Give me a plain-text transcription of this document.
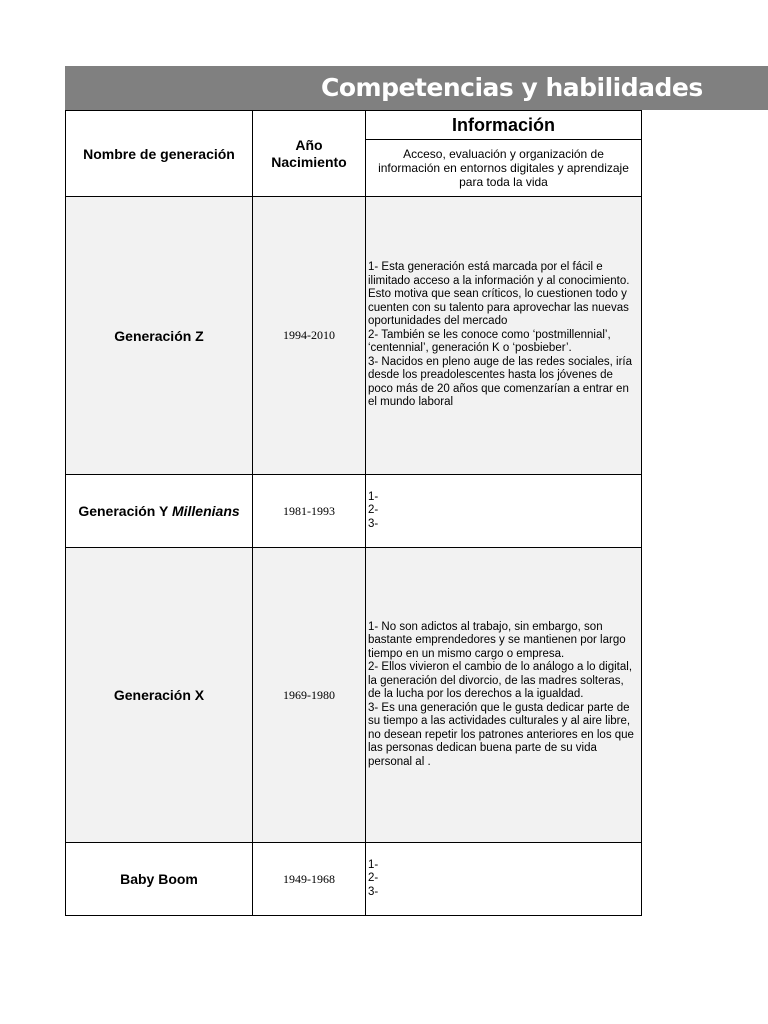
Competencias y habilidades
Nombre de generación
Año Nacimiento
Información
Acceso, evaluación y organización de información en entornos digitales y aprendizaje para toda la vida
Generación Z	1994-2010
1- Esta generación está marcada por el fácil e ilimitado acceso a la información y al conocimiento. Esto motiva que sean críticos, lo cuestionen todo y cuenten con su talento para aprovechar las nuevas oportunidades del mercado
2- También se les conoce como ‘postmillennial’, ‘centennial’, generación K o ‘posbieber’.
3- Nacidos en pleno auge de las redes sociales, iría desde los preadolescentes hasta los jóvenes de poco más de 20 años que comenzarían a entrar en el mundo laboral
Generación Y Millenians	1981-1993
1-
2-
3-
Generación X	1969-1980
1- No son adictos al trabajo, sin embargo, son bastante emprendedores y se mantienen por largo tiempo en un mismo cargo o empresa.
2- Ellos vivieron el cambio de lo análogo a lo digital, la generación del divorcio, de las madres solteras, de la lucha por los derechos a la igualdad.
3- Es una generación que le gusta dedicar parte de su tiempo a las actividades culturales y al aire libre, no desean repetir los patrones anteriores en los que las personas dedican buena parte de su vida personal al .
Baby Boom	1949-1968
1-
2-
3-
